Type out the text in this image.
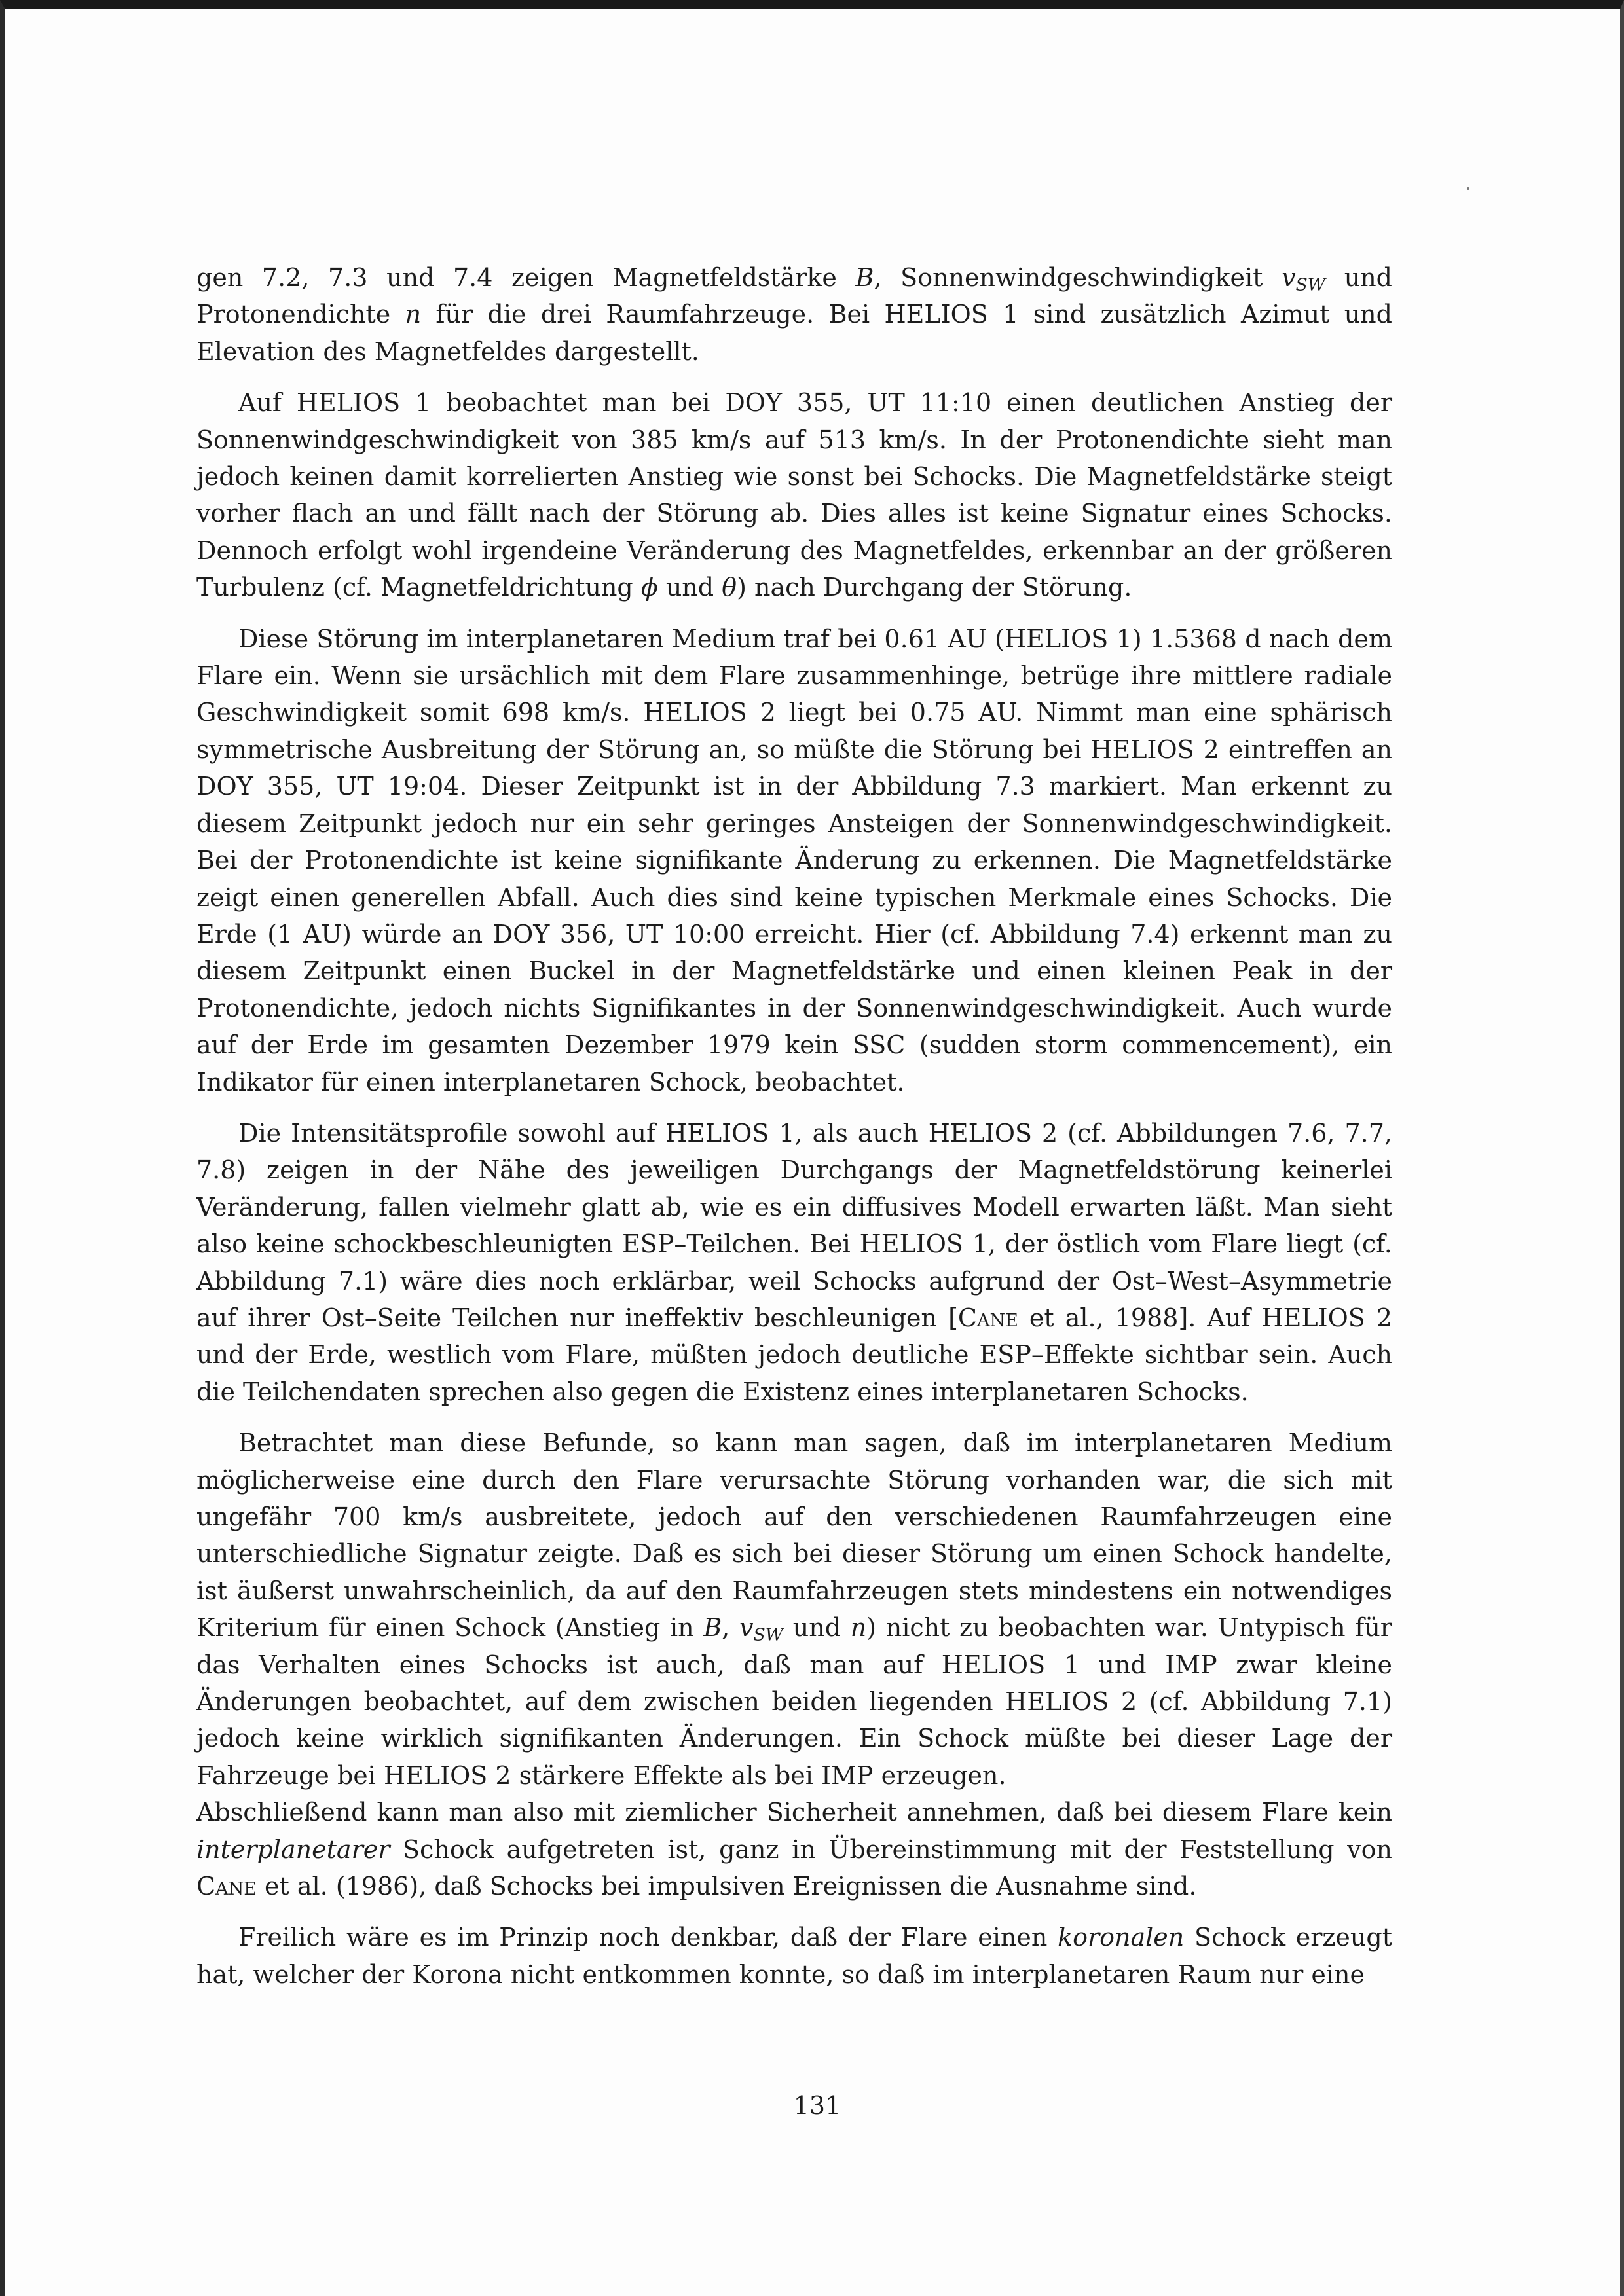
gen 7.2, 7.3 und 7.4 zeigen Magnetfeldstärke B, Sonnenwindgeschwindigkeit $v_{SW}$ und Protonendichte n für die drei Raumfahrzeuge. Bei HELIOS 1 sind zusätzlich Azimut und Elevation des Magnetfeldes dargestellt.

Auf HELIOS 1 beobachtet man bei DOY 355, UT 11:10 einen deutlichen Anstieg der Sonnenwindgeschwindigkeit von 385 km/s auf 513 km/s. In der Protonendichte sieht man jedoch keinen damit korrelierten Anstieg wie sonst bei Schocks. Die Magnetfeldstärke steigt vorher flach an und fällt nach der Störung ab. Dies alles ist keine Signatur eines Schocks. Dennoch erfolgt wohl irgendeine Veränderung des Magnetfeldes, erkennbar an der größeren Turbulenz (cf. Magnetfeldrichtung ϕ und θ) nach Durchgang der Störung.

Diese Störung im interplanetaren Medium traf bei 0.61 AU (HELIOS 1) 1.5368 d nach dem Flare ein. Wenn sie ursächlich mit dem Flare zusammenhinge, betrüge ihre mittlere radiale Geschwindigkeit somit 698 km/s. HELIOS 2 liegt bei 0.75 AU. Nimmt man eine sphärisch symmetrische Ausbreitung der Störung an, so müßte die Störung bei HELIOS 2 eintreffen an DOY 355, UT 19:04. Dieser Zeitpunkt ist in der Abbildung 7.3 markiert. Man erkennt zu diesem Zeitpunkt jedoch nur ein sehr geringes Ansteigen der Sonnenwindgeschwindigkeit. Bei der Protonendichte ist keine signifikante Änderung zu erkennen. Die Magnetfeldstärke zeigt einen generellen Abfall. Auch dies sind keine typischen Merkmale eines Schocks. Die Erde (1 AU) würde an DOY 356, UT 10:00 erreicht. Hier (cf. Abbildung 7.4) erkennt man zu diesem Zeitpunkt einen Buckel in der Magnetfeldstärke und einen kleinen Peak in der Protonendichte, jedoch nichts Signifikantes in der Sonnenwindgeschwindigkeit. Auch wurde auf der Erde im gesamten Dezember 1979 kein SSC (sudden storm commencement), ein Indikator für einen interplanetaren Schock, beobachtet.

Die Intensitätsprofile sowohl auf HELIOS 1, als auch HELIOS 2 (cf. Abbildungen 7.6, 7.7, 7.8) zeigen in der Nähe des jeweiligen Durchgangs der Magnetfeldstörung keinerlei Veränderung, fallen vielmehr glatt ab, wie es ein diffusives Modell erwarten läßt. Man sieht also keine schockbeschleunigten ESP–Teilchen. Bei HELIOS 1, der östlich vom Flare liegt (cf. Abbildung 7.1) wäre dies noch erklärbar, weil Schocks aufgrund der Ost–West–Asymmetrie auf ihrer Ost–Seite Teilchen nur ineffektiv beschleunigen [Cane et al., 1988]. Auf HELIOS 2 und der Erde, westlich vom Flare, müßten jedoch deutliche ESP–Effekte sichtbar sein. Auch die Teilchendaten sprechen also gegen die Existenz eines interplanetaren Schocks.

Betrachtet man diese Befunde, so kann man sagen, daß im interplanetaren Medium möglicherweise eine durch den Flare verursachte Störung vorhanden war, die sich mit ungefähr 700 km/s ausbreitete, jedoch auf den verschiedenen Raumfahrzeugen eine unterschiedliche Signatur zeigte. Daß es sich bei dieser Störung um einen Schock handelte, ist äußerst unwahrscheinlich, da auf den Raumfahrzeugen stets mindestens ein notwendiges Kriterium für einen Schock (Anstieg in B, $v_{SW}$ und n) nicht zu beobachten war. Untypisch für das Verhalten eines Schocks ist auch, daß man auf HELIOS 1 und IMP zwar kleine Änderungen beobachtet, auf dem zwischen beiden liegenden HELIOS 2 (cf. Abbildung 7.1) jedoch keine wirklich signifikanten Änderungen. Ein Schock müßte bei dieser Lage der Fahrzeuge bei HELIOS 2 stärkere Effekte als bei IMP erzeugen.

Abschließend kann man also mit ziemlicher Sicherheit annehmen, daß bei diesem Flare kein interplanetarer Schock aufgetreten ist, ganz in Übereinstimmung mit der Feststellung von Cane et al. (1986), daß Schocks bei impulsiven Ereignissen die Ausnahme sind.

Freilich wäre es im Prinzip noch denkbar, daß der Flare einen koronalen Schock erzeugt hat, welcher der Korona nicht entkommen konnte, so daß im interplanetaren Raum nur eine

131
